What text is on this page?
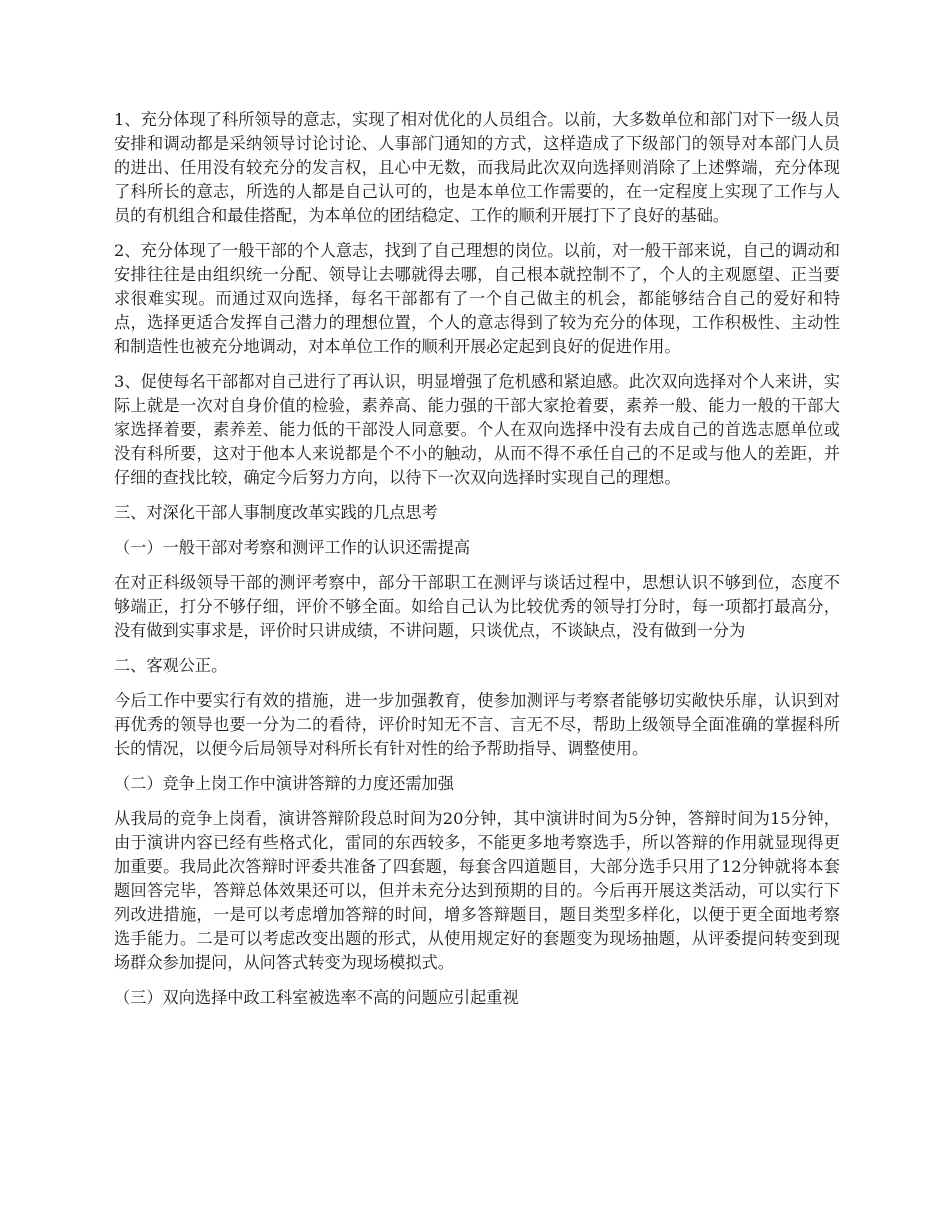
1、充分体现了科所领导的意志，实现了相对优化的人员组合。以前，大多数单位和部门对下一级人员安排和调动都是采纳领导讨论讨论、人事部门通知的方式，这样造成了下级部门的领导对本部门人员的进出、任用没有较充分的发言权，且心中无数，而我局此次双向选择则消除了上述弊端，充分体现了科所长的意志，所选的人都是自己认可的，也是本单位工作需要的，在一定程度上实现了工作与人员的有机组合和最佳搭配，为本单位的团结稳定、工作的顺利开展打下了良好的基础。

2、充分体现了一般干部的个人意志，找到了自己理想的岗位。以前，对一般干部来说，自己的调动和安排往往是由组织统一分配、领导让去哪就得去哪，自己根本就控制不了，个人的主观愿望、正当要求很难实现。而通过双向选择，每名干部都有了一个自己做主的机会，都能够结合自己的爱好和特点，选择更适合发挥自己潜力的理想位置，个人的意志得到了较为充分的体现，工作积极性、主动性和制造性也被充分地调动，对本单位工作的顺利开展必定起到良好的促进作用。

3、促使每名干部都对自己进行了再认识，明显增强了危机感和紧迫感。此次双向选择对个人来讲，实际上就是一次对自身价值的检验，素养高、能力强的干部大家抢着要，素养一般、能力一般的干部大家选择着要，素养差、能力低的干部没人同意要。个人在双向选择中没有去成自己的首选志愿单位或没有科所要，这对于他本人来说都是个不小的触动，从而不得不承任自己的不足或与他人的差距，并仔细的查找比较，确定今后努力方向，以待下一次双向选择时实现自己的理想。

三、对深化干部人事制度改革实践的几点思考

（一）一般干部对考察和测评工作的认识还需提高

在对正科级领导干部的测评考察中，部分干部职工在测评与谈话过程中，思想认识不够到位，态度不够端正，打分不够仔细，评价不够全面。如给自己认为比较优秀的领导打分时，每一项都打最高分，没有做到实事求是，评价时只讲成绩，不讲问题，只谈优点，不谈缺点，没有做到一分为

二、客观公正。

今后工作中要实行有效的措施，进一步加强教育，使参加测评与考察者能够切实敞快乐扉，认识到对再优秀的领导也要一分为二的看待，评价时知无不言、言无不尽，帮助上级领导全面准确的掌握科所长的情况，以便今后局领导对科所长有针对性的给予帮助指导、调整使用。

（二）竞争上岗工作中演讲答辩的力度还需加强

从我局的竞争上岗看，演讲答辩阶段总时间为20分钟，其中演讲时间为5分钟，答辩时间为15分钟，由于演讲内容已经有些格式化，雷同的东西较多，不能更多地考察选手，所以答辩的作用就显现得更加重要。我局此次答辩时评委共准备了四套题，每套含四道题目，大部分选手只用了12分钟就将本套题回答完毕，答辩总体效果还可以，但并未充分达到预期的目的。今后再开展这类活动，可以实行下列改进措施，一是可以考虑增加答辩的时间，增多答辩题目，题目类型多样化，以便于更全面地考察选手能力。二是可以考虑改变出题的形式，从使用规定好的套题变为现场抽题，从评委提问转变到现场群众参加提问，从问答式转变为现场模拟式。

（三）双向选择中政工科室被选率不高的问题应引起重视
